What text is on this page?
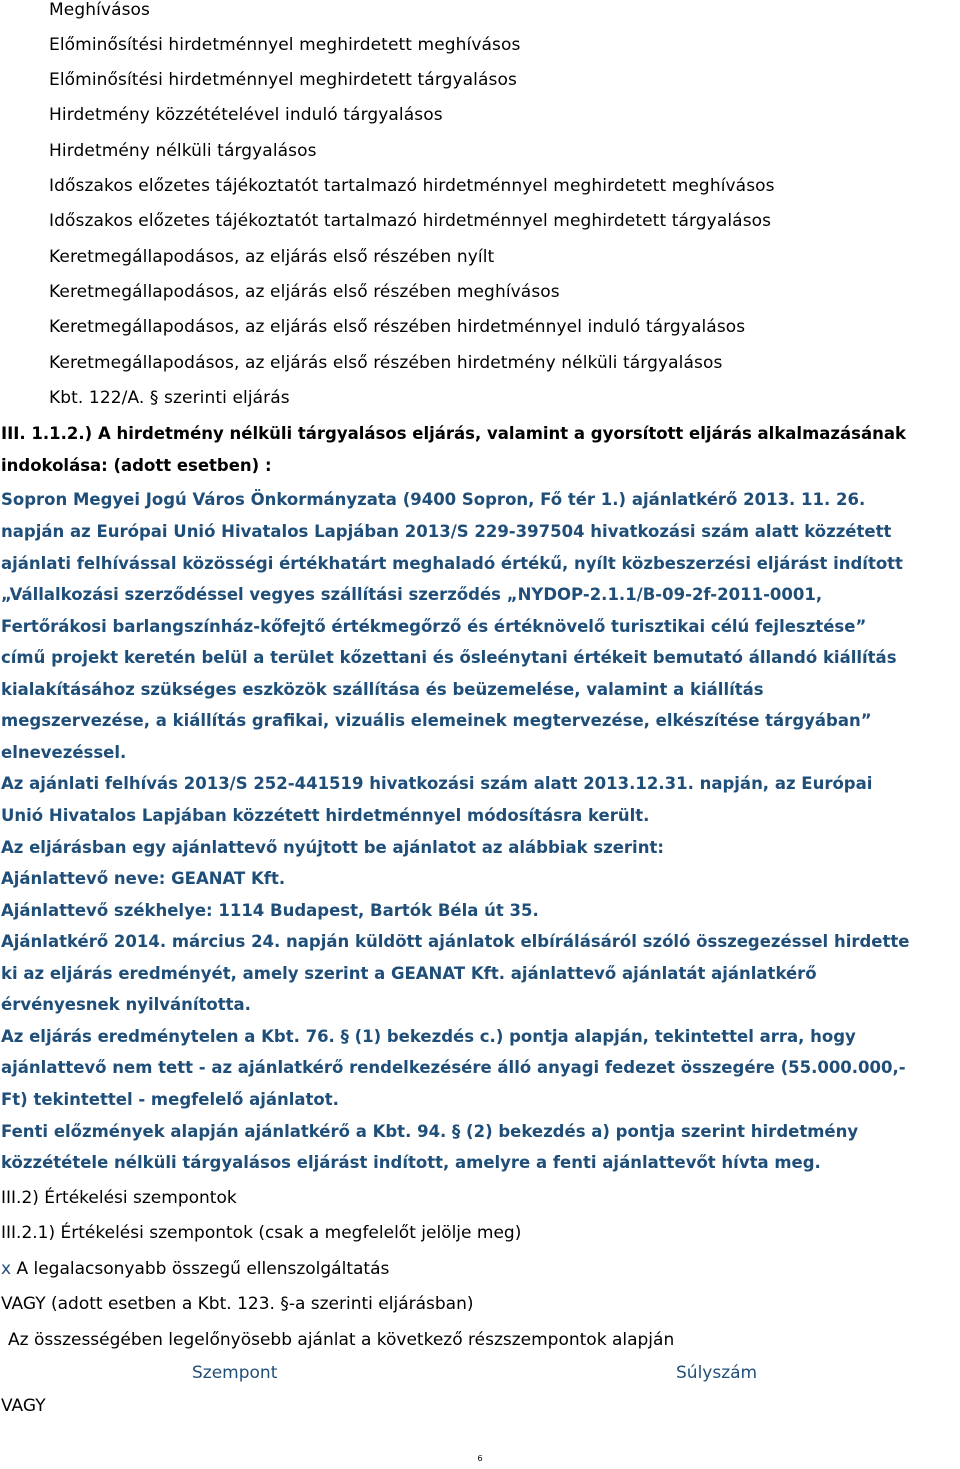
Meghívásos
Előminősítési hirdetménnyel meghirdetett meghívásos
Előminősítési hirdetménnyel meghirdetett tárgyalásos
Hirdetmény közzétételével induló tárgyalásos
Hirdetmény nélküli tárgyalásos
Időszakos előzetes tájékoztatót tartalmazó hirdetménnyel meghirdetett meghívásos
Időszakos előzetes tájékoztatót tartalmazó hirdetménnyel meghirdetett tárgyalásos
Keretmegállapodásos, az eljárás első részében nyílt
Keretmegállapodásos, az eljárás első részében meghívásos
Keretmegállapodásos, az eljárás első részében hirdetménnyel induló tárgyalásos
Keretmegállapodásos, az eljárás első részében hirdetmény nélküli tárgyalásos
Kbt. 122/A. § szerinti eljárás
III. 1.1.2.) A hirdetmény nélküli tárgyalásos eljárás, valamint a gyorsított eljárás alkalmazásának
indokolása: (adott esetben) :
Sopron Megyei Jogú Város Önkormányzata (9400 Sopron, Fő tér 1.) ajánlatkérő 2013. 11. 26.
napján az Európai Unió Hivatalos Lapjában 2013/S 229-397504 hivatkozási szám alatt közzétett
ajánlati felhívással közösségi értékhatárt meghaladó értékű, nyílt közbeszerzési eljárást indított
„Vállalkozási szerződéssel vegyes szállítási szerződés „NYDOP-2.1.1/B-09-2f-2011-0001,
Fertőrákosi barlangszínház-kőfejtő értékmegőrző és értéknövelő turisztikai célú fejlesztése”
című projekt keretén belül a terület kőzettani és ősleénytani értékeit bemutató állandó kiállítás
kialakításához szükséges eszközök szállítása és beüzemelése, valamint a kiállítás
megszervezése, a kiállítás grafikai, vizuális elemeinek megtervezése, elkészítése tárgyában”
elnevezéssel.
Az ajánlati felhívás 2013/S 252-441519 hivatkozási szám alatt 2013.12.31. napján, az Európai
Unió Hivatalos Lapjában közzétett hirdetménnyel módosításra került.
Az eljárásban egy ajánlattevő nyújtott be ajánlatot az alábbiak szerint:
Ajánlattevő neve: GEANAT Kft.
Ajánlattevő székhelye: 1114 Budapest, Bartók Béla út 35.
Ajánlatkérő 2014. március 24. napján küldött ajánlatok elbírálásáról szóló összegezéssel hirdette
ki az eljárás eredményét, amely szerint a GEANAT Kft. ajánlattevő ajánlatát ajánlatkérő
érvényesnek nyilvánította.
Az eljárás eredménytelen a Kbt. 76. § (1) bekezdés c.) pontja alapján, tekintettel arra, hogy
ajánlattevő nem tett - az ajánlatkérő rendelkezésére álló anyagi fedezet összegére (55.000.000,-
Ft) tekintettel - megfelelő ajánlatot.
Fenti előzmények alapján ajánlatkérő a Kbt. 94. § (2) bekezdés a) pontja szerint hirdetmény
közzététele nélküli tárgyalásos eljárást indított, amelyre a fenti ajánlattevőt hívta meg.
III.2) Értékelési szempontok
III.2.1) Értékelési szempontok (csak a megfelelőt jelölje meg)
x A legalacsonyabb összegű ellenszolgáltatás
VAGY (adott esetben a Kbt. 123. §-a szerinti eljárásban)
Az összességében legelőnyösebb ajánlat a következő részszempontok alapján
Szempont	Súlyszám
VAGY
6
